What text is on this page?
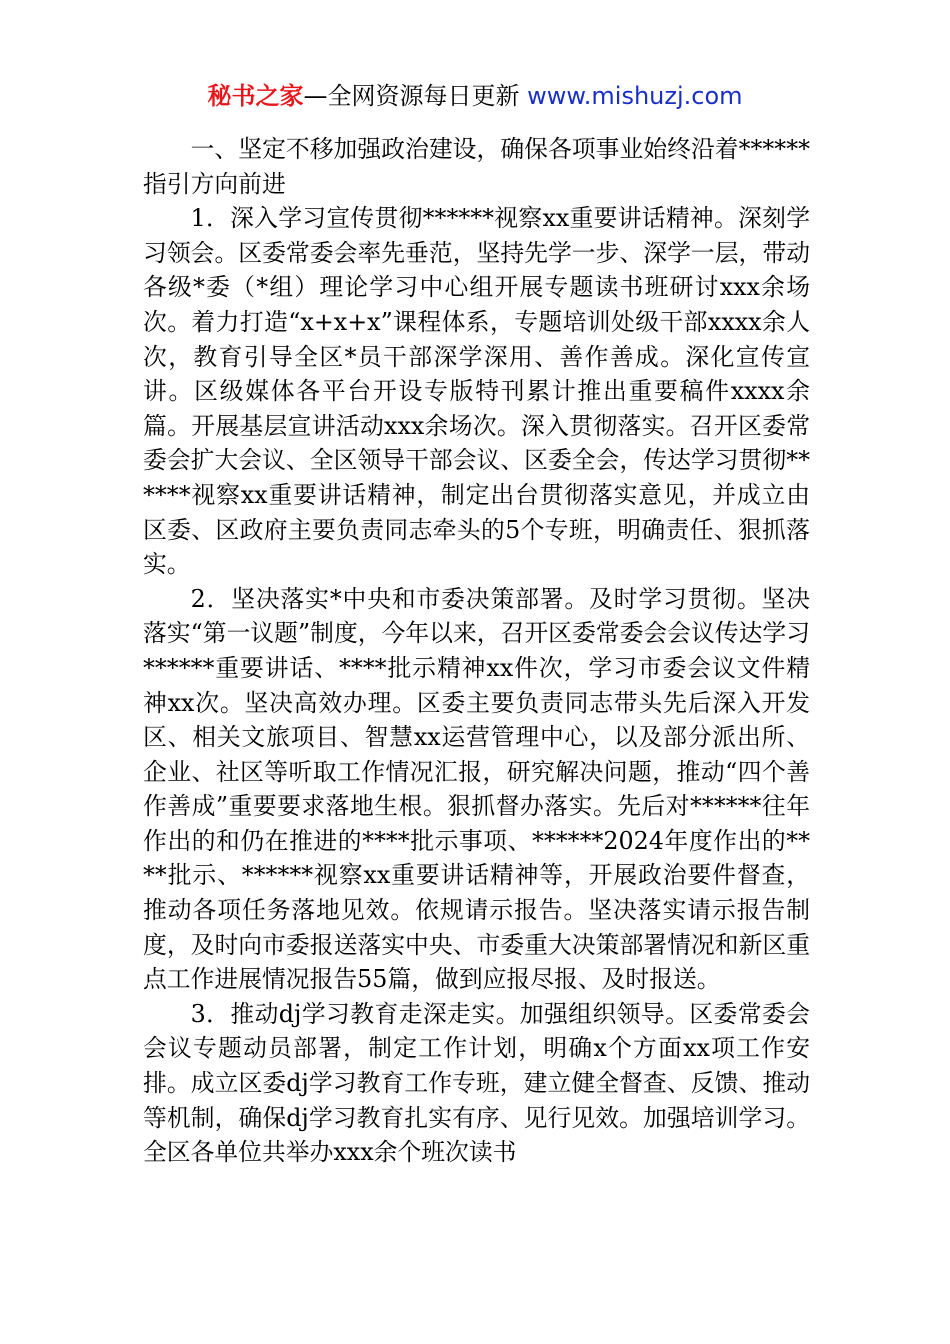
秘书之家—全网资源每日更新 www.mishuzj.com

一、坚定不移加强政治建设，确保各项事业始终沿着******指引方向前进

1．深入学习宣传贯彻******视察xx重要讲话精神。深刻学习领会。区委常委会率先垂范，坚持先学一步、深学一层，带动各级*委（*组）理论学习中心组开展专题读书班研讨xxx余场次。着力打造“x+x+x”课程体系，专题培训处级干部xxxx余人次，教育引导全区*员干部深学深用、善作善成。深化宣传宣讲。区级媒体各平台开设专版特刊累计推出重要稿件xxxx余篇。开展基层宣讲活动xxx余场次。深入贯彻落实。召开区委常委会扩大会议、全区领导干部会议、区委全会，传达学习贯彻******视察xx重要讲话精神，制定出台贯彻落实意见，并成立由区委、区政府主要负责同志牵头的5个专班，明确责任、狠抓落实。

2．坚决落实*中央和市委决策部署。及时学习贯彻。坚决落实“第一议题”制度，今年以来，召开区委常委会会议传达学习******重要讲话、****批示精神xx件次，学习市委会议文件精神xx次。坚决高效办理。区委主要负责同志带头先后深入开发区、相关文旅项目、智慧xx运营管理中心，以及部分派出所、企业、社区等听取工作情况汇报，研究解决问题，推动“四个善作善成”重要要求落地生根。狠抓督办落实。先后对******往年作出的和仍在推进的****批示事项、******2024年度作出的****批示、******视察xx重要讲话精神等，开展政治要件督查，推动各项任务落地见效。依规请示报告。坚决落实请示报告制度，及时向市委报送落实中央、市委重大决策部署情况和新区重点工作进展情况报告55篇，做到应报尽报、及时报送。

3．推动dj学习教育走深走实。加强组织领导。区委常委会会议专题动员部署，制定工作计划，明确x个方面xx项工作安排。成立区委dj学习教育工作专班，建立健全督查、反馈、推动等机制，确保dj学习教育扎实有序、见行见效。加强培训学习。全区各单位共举办xxx余个班次读书
